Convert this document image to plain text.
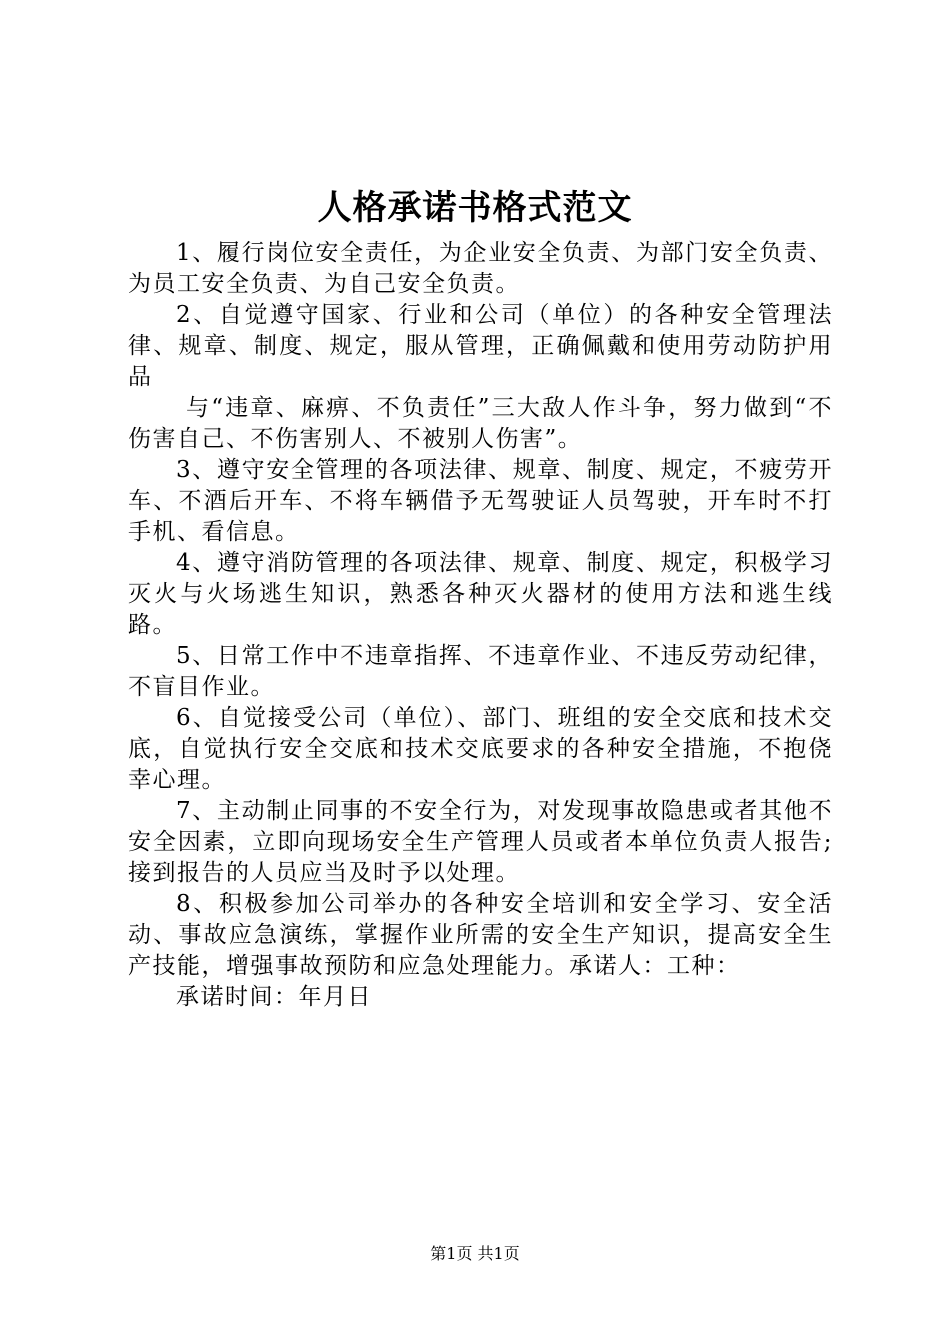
人格承诺书格式范文

1、履行岗位安全责任，为企业安全负责、为部门安全负责、为员工安全负责、为自己安全负责。

2、自觉遵守国家、行业和公司（单位）的各种安全管理法律、规章、制度、规定，服从管理，正确佩戴和使用劳动防护用品

与“违章、麻痹、不负责任”三大敌人作斗争，努力做到“不伤害自己、不伤害别人、不被别人伤害”。

3、遵守安全管理的各项法律、规章、制度、规定，不疲劳开车、不酒后开车、不将车辆借予无驾驶证人员驾驶，开车时不打手机、看信息。

4、遵守消防管理的各项法律、规章、制度、规定，积极学习灭火与火场逃生知识，熟悉各种灭火器材的使用方法和逃生线路。

5、日常工作中不违章指挥、不违章作业、不违反劳动纪律，不盲目作业。

6、自觉接受公司（单位）、部门、班组的安全交底和技术交底，自觉执行安全交底和技术交底要求的各种安全措施，不抱侥幸心理。

7、主动制止同事的不安全行为，对发现事故隐患或者其他不安全因素，立即向现场安全生产管理人员或者本单位负责人报告;接到报告的人员应当及时予以处理。

8、积极参加公司举办的各种安全培训和安全学习、安全活动、事故应急演练，掌握作业所需的安全生产知识，提高安全生产技能，增强事故预防和应急处理能力。承诺人：工种：

承诺时间：年月日

第1页 共1页
